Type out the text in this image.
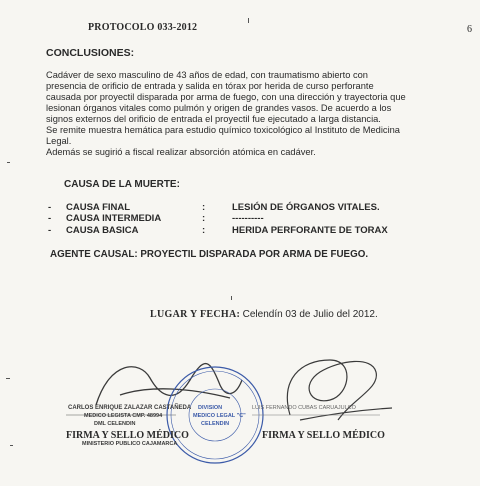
PROTOCOLO 033-2012	6
CONCLUSIONES:
Cadáver de sexo masculino de 43 años de edad, con traumatismo abierto con
presencia de orificio de entrada y salida en tórax por herida de curso perforante
causada por proyectil disparada por arma de fuego, con una dirección y trayectoria que
lesionan órganos vitales como pulmón y origen de grandes vasos. De acuerdo a los
signos externos del orificio de entrada el proyectil fue ejecutado a larga distancia.
Se remite muestra hemática para estudio químico toxicológico al Instituto de Medicina
Legal.
Además se sugirió a fiscal realizar absorción atómica en cadáver.
CAUSA DE LA MUERTE:
- CAUSA FINAL	:	LESIÓN DE ÓRGANOS VITALES.
- CAUSA INTERMEDIA	:	----------
- CAUSA BASICA	:	HERIDA PERFORANTE DE TORAX
AGENTE CAUSAL: PROYECTIL DISPARADA POR ARMA DE FUEGO.
LUGAR Y FECHA: Celendín 03 de Julio del 2012.
CARLOS ENRIQUE ZALAZAR CASTAÑEDA
MEDICO LEGISTA CMP. 48994
DML CELENDIN
MINISTERIO PUBLICO CAJAMARCA
DIVISION
MEDICO LEGAL "C"
CELENDIN
LUIS FERNANDO CUBAS CARUAJULCO
FIRMA Y SELLO MÉDICO	FIRMA Y SELLO MÉDICO
